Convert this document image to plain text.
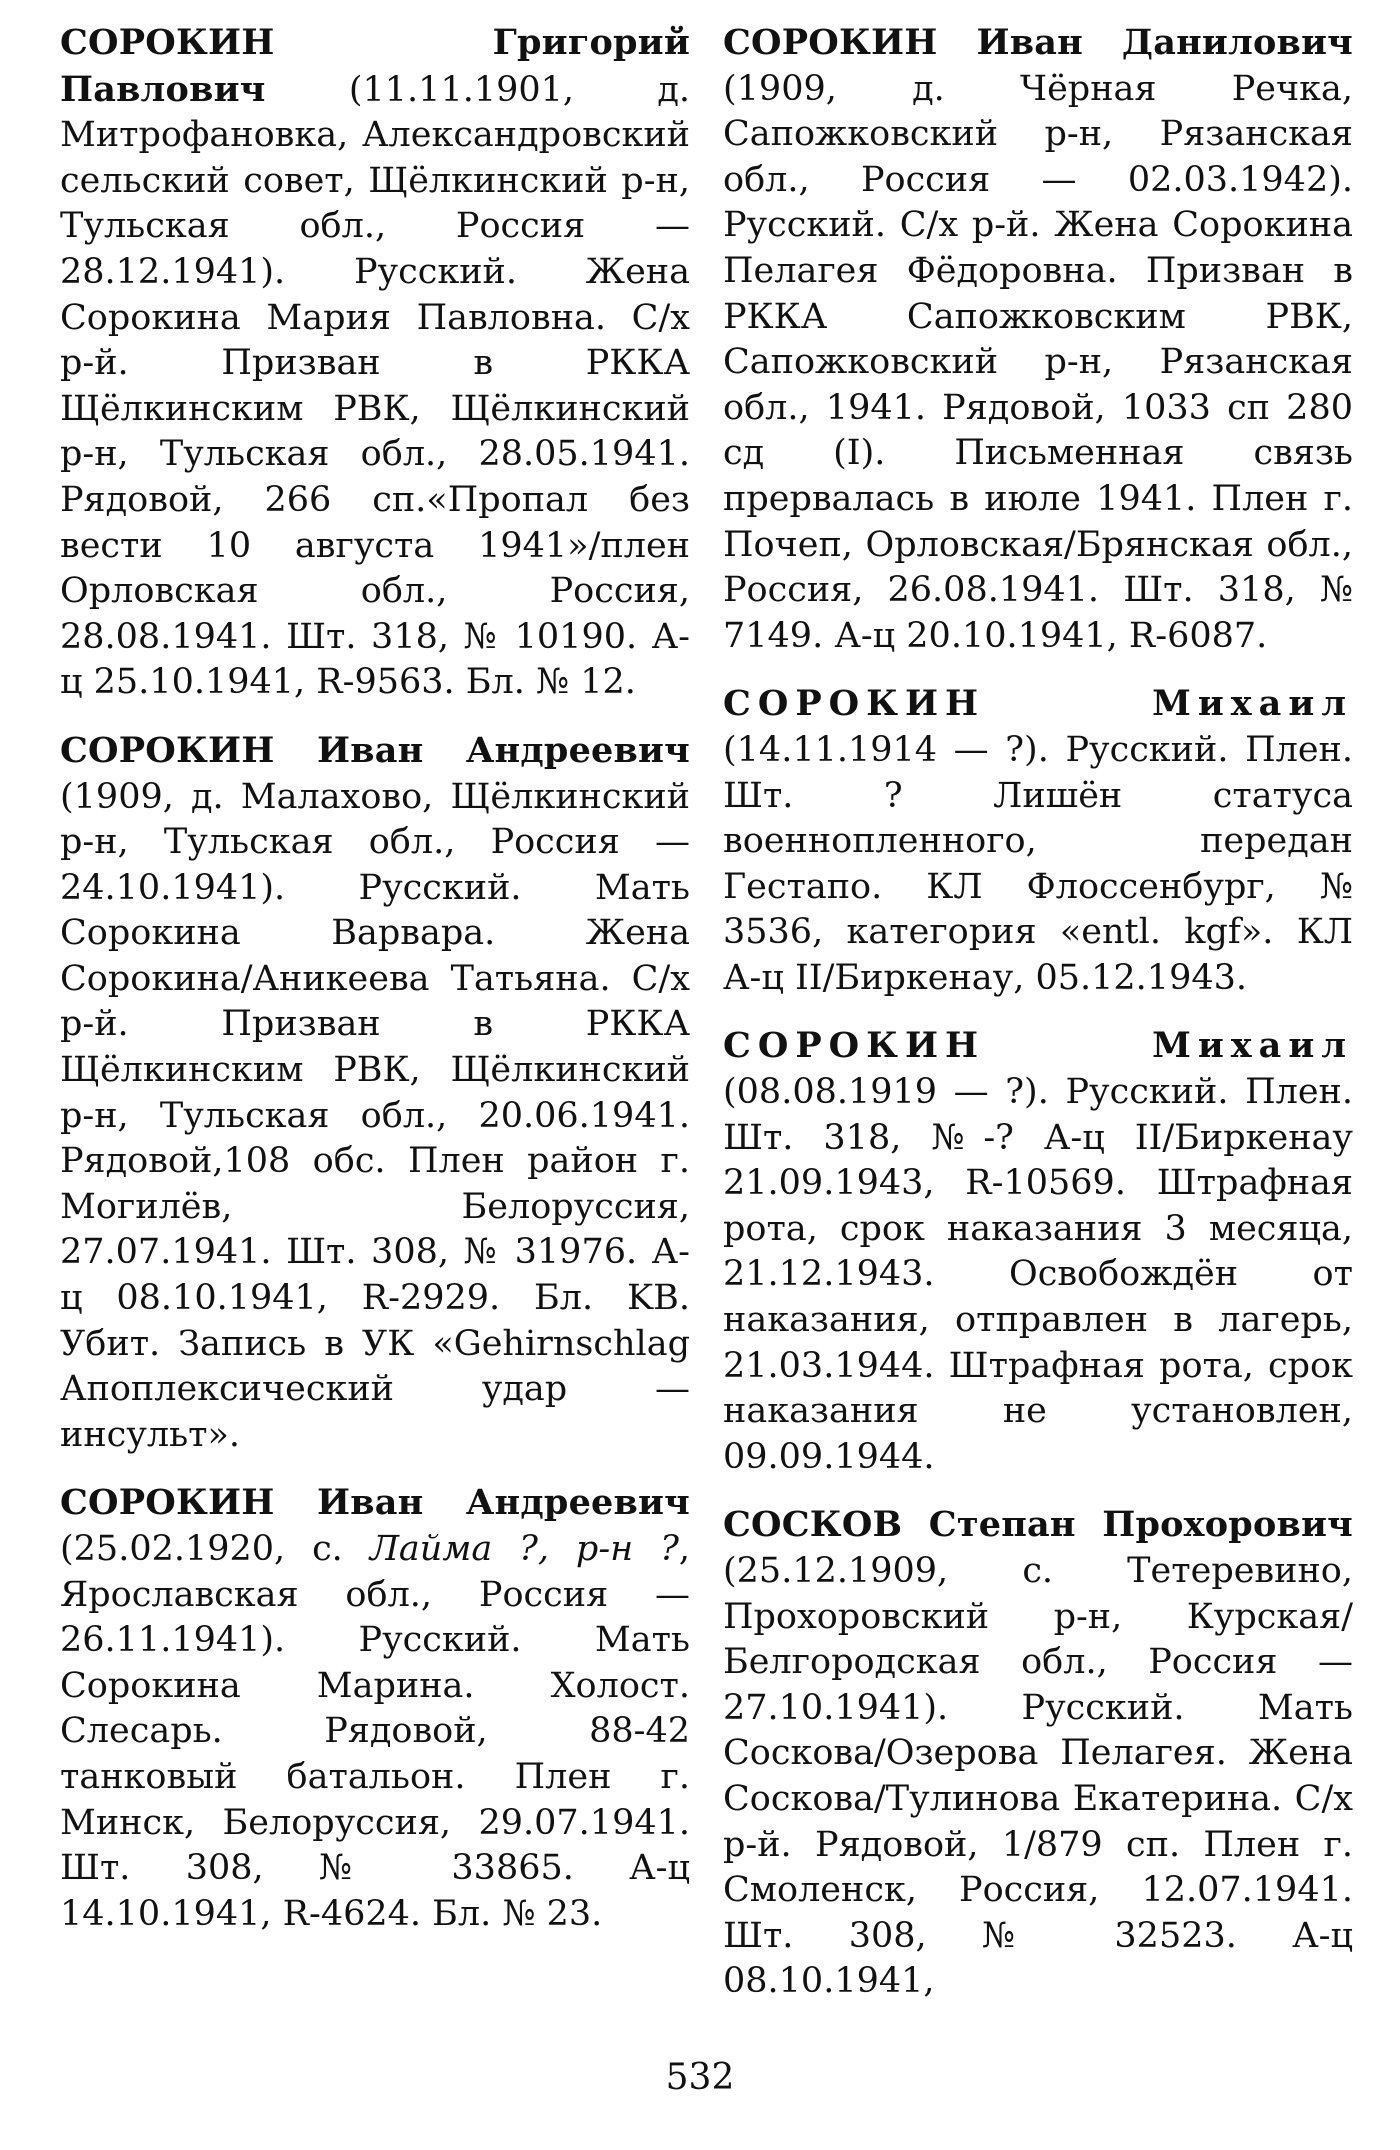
СОРОКИН Григорий Павлович (11.11.1901, д. Митрофановка, Александровский сельский совет, Щёлкинский р-н, Тульская обл., Россия — 28.12.1941). Русский. Жена Сорокина Мария Павловна. С/х р-й. Призван в РККА Щёлкинским РВК, Щёлкинский р-н, Тульская обл., 28.05.1941. Рядовой, 266 сп.«Пропал без вести 10 августа 1941»/плен Орловская обл., Россия, 28.08.1941. Шт. 318, № 10190. А-ц 25.10.1941, R-9563. Бл. № 12.

СОРОКИН Иван Андреевич (1909, д. Малахово, Щёлкинский р-н, Тульская обл., Россия — 24.10.1941). Русский. Мать Сорокина Варвара. Жена Сорокина/Аникеева Татьяна. С/х р-й. Призван в РККА Щёлкинским РВК, Щёлкинский р-н, Тульская обл., 20.06.1941. Рядовой,108 обс. Плен район г. Могилёв, Белоруссия, 27.07.1941. Шт. 308, № 31976. А-ц 08.10.1941, R-2929. Бл. KB. Убит. Запись в УК «Gehirnschlag Апоплексический удар — инсульт».

СОРОКИН Иван Андреевич (25.02.1920, с. Лайма ?, р-н ?, Ярославская обл., Россия — 26.11.1941). Русский. Мать Сорокина Марина. Холост. Слесарь. Рядовой, 88-42 танковый батальон. Плен г. Минск, Белоруссия, 29.07.1941. Шт. 308, № 33865. А-ц 14.10.1941, R-4624. Бл. № 23.

СОРОКИН Иван Данилович (1909, д. Чёрная Речка, Сапожковский р-н, Рязанская обл., Россия — 02.03.1942). Русский. С/х р-й. Жена Сорокина Пелагея Фёдоровна. Призван в РККА Сапожковским РВК, Сапожковский р-н, Рязанская обл., 1941. Рядовой, 1033 сп 280 сд (I). Письменная связь прервалась в июле 1941. Плен г. Почеп, Орловская/Брянская обл., Россия, 26.08.1941. Шт. 318, № 7149. А-ц 20.10.1941, R-6087.

СОРОКИН Михаил (14.11.1914 — ?). Русский. Плен. Шт. ? Лишён статуса военнопленного, передан Гестапо. КЛ Флоссенбург, № 3536, категория «entl. kgf». КЛ А-ц II/Биркенау, 05.12.1943.

СОРОКИН Михаил (08.08.1919 — ?). Русский. Плен. Шт. 318, №-? А-ц II/Биркенау 21.09.1943, R-10569. Штрафная рота, срок наказания 3 месяца, 21.12.1943. Освобождён от наказания, отправлен в лагерь, 21.03.1944. Штрафная рота, срок наказания не установлен, 09.09.1944.

СОСКОВ Степан Прохорович (25.12.1909, с. Тетеревино, Прохоровский р-н, Курская/Белгородская обл., Россия — 27.10.1941). Русский. Мать Соскова/Озерова Пелагея. Жена Соскова/Тулинова Екатерина. С/х р-й. Рядовой, 1/879 сп. Плен г. Смоленск, Россия, 12.07.1941. Шт. 308, № 32523. А-ц 08.10.1941,

532
